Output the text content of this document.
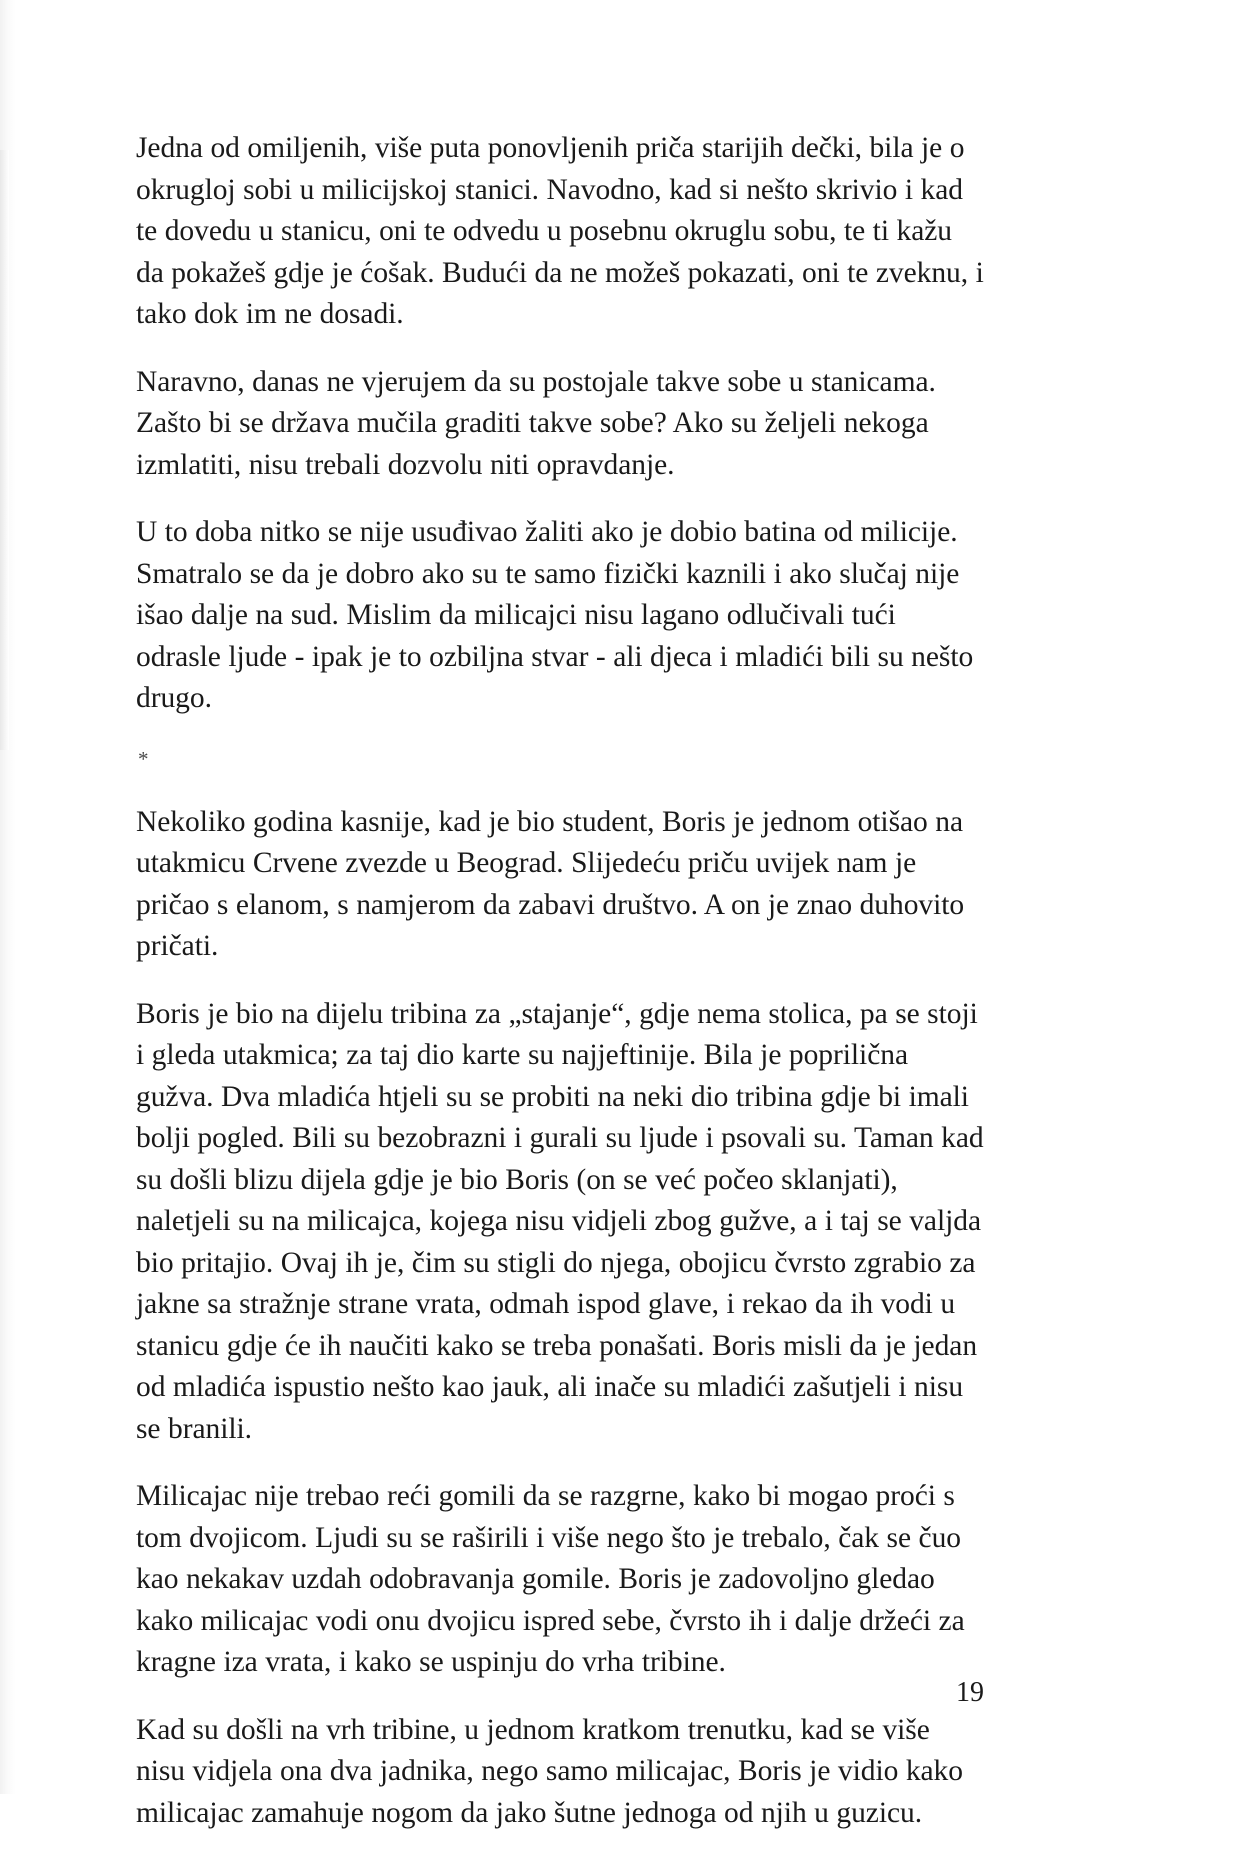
Jedna od omiljenih, više puta ponovljenih priča starijih dečki, bila je o okrugloj sobi u milicijskoj stanici. Navodno, kad si nešto skrivio i kad te dovedu u stanicu, oni te odvedu u posebnu okruglu sobu, te ti kažu da pokažeš gdje je ćošak. Budući da ne možeš pokazati, oni te zveknu, i tako dok im ne dosadi.

Naravno, danas ne vjerujem da su postojale takve sobe u stanicama. Zašto bi se država mučila graditi takve sobe? Ako su željeli nekoga izmlatiti, nisu trebali dozvolu niti opravdanje.

U to doba nitko se nije usuđivao žaliti ako je dobio batina od milicije. Smatralo se da je dobro ako su te samo fizički kaznili i ako slučaj nije išao dalje na sud. Mislim da milicajci nisu lagano odlučivali tući odrasle ljude - ipak je to ozbiljna stvar - ali djeca i mladići bili su nešto drugo.

*

Nekoliko godina kasnije, kad je bio student, Boris je jednom otišao na utakmicu Crvene zvezde u Beograd. Slijedeću priču uvijek nam je pričao s elanom, s namjerom da zabavi društvo. A on je znao duhovito pričati.

Boris je bio na dijelu tribina za „stajanje“, gdje nema stolica, pa se stoji i gleda utakmica; za taj dio karte su najjeftinije. Bila je poprilična gužva. Dva mladića htjeli su se probiti na neki dio tribina gdje bi imali bolji pogled. Bili su bezobrazni i gurali su ljude i psovali su. Taman kad su došli blizu dijela gdje je bio Boris (on se već počeo sklanjati), naletjeli su na milicajca, kojega nisu vidjeli zbog gužve, a i taj se valjda bio pritajio. Ovaj ih je, čim su stigli do njega, obojicu čvrsto zgrabio za jakne sa stražnje strane vrata, odmah ispod glave, i rekao da ih vodi u stanicu gdje će ih naučiti kako se treba ponašati. Boris misli da je jedan od mladića ispustio nešto kao jauk, ali inače su mladići zašutjeli i nisu se branili.

Milicajac nije trebao reći gomili da se razgrne, kako bi mogao proći s tom dvojicom. Ljudi su se raširili i više nego što je trebalo, čak se čuo kao nekakav uzdah odobravanja gomile. Boris je zadovoljno gledao kako milicajac vodi onu dvojicu ispred sebe, čvrsto ih i dalje držeći za kragne iza vrata, i kako se uspinju do vrha tribine.

Kad su došli na vrh tribine, u jednom kratkom trenutku, kad se više nisu vidjela ona dva jadnika, nego samo milicajac, Boris je vidio kako milicajac zamahuje nogom da jako šutne jednoga od njih u guzicu.

19
